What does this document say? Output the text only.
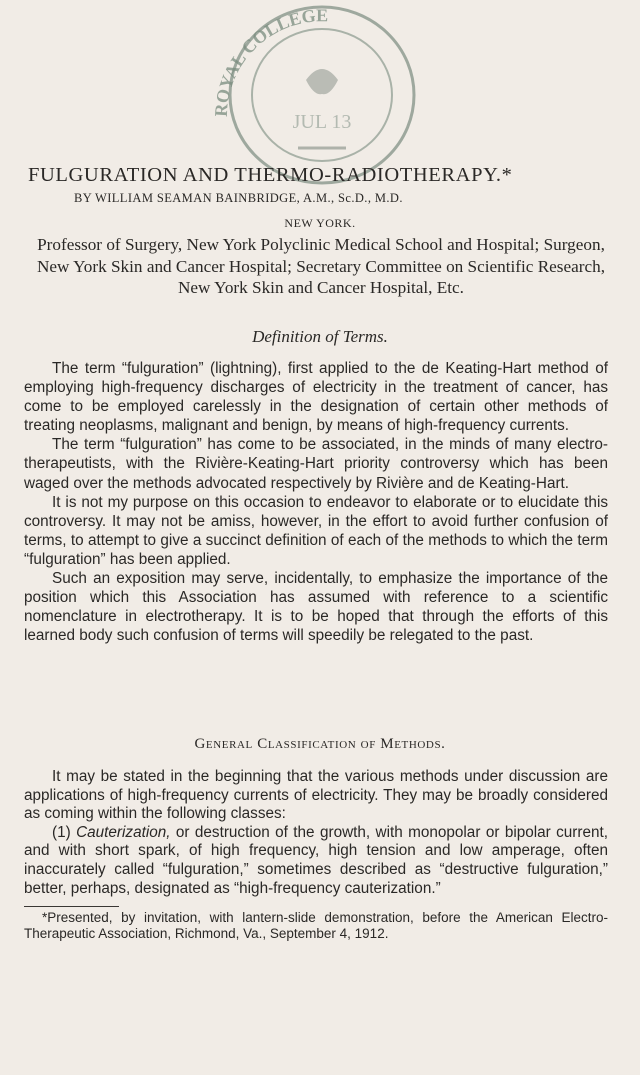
ROYAL COLLEGE
JUL 13
FULGURATION AND THERMO-RADIOTHERAPY.*
BY WILLIAM SEAMAN BAINBRIDGE, A.M., Sc.D., M.D.
NEW YORK.
Professor of Surgery, New York Polyclinic Medical School and Hospital; Surgeon, New York Skin and Cancer Hospital; Secretary Committee on Scientific Research, New York Skin and Cancer Hospital, Etc.
Definition of Terms.

The term “fulguration” (lightning), first applied to the de Keating-Hart method of employing high-frequency discharges of electricity in the treatment of cancer, has come to be employed carelessly in the designation of certain other methods of treating neoplasms, malignant and benign, by means of high-frequency currents.

The term “fulguration” has come to be associated, in the minds of many electro-therapeutists, with the Rivière-Keating-Hart priority controversy which has been waged over the methods advocated respectively by Rivière and de Keating-Hart.

It is not my purpose on this occasion to endeavor to elaborate or to elucidate this controversy. It may not be amiss, however, in the effort to avoid further confusion of terms, to attempt to give a succinct definition of each of the methods to which the term “fulguration” has been applied.

Such an exposition may serve, incidentally, to emphasize the importance of the position which this Association has assumed with reference to a scientific nomenclature in electrotherapy. It is to be hoped that through the efforts of this learned body such confusion of terms will speedily be relegated to the past.

General Classification of Methods.

It may be stated in the beginning that the various methods under discussion are applications of high-frequency currents of electricity. They may be broadly considered as coming within the following classes:

(1) Cauterization, or destruction of the growth, with monopolar or bipolar current, and with short spark, of high frequency, high tension and low amperage, often inaccurately called “fulguration,” sometimes described as “destructive fulguration,” better, perhaps, designated as “high-frequency cauterization.”

*Presented, by invitation, with lantern-slide demonstration, before the American Electro-Therapeutic Association, Richmond, Va., September 4, 1912.
